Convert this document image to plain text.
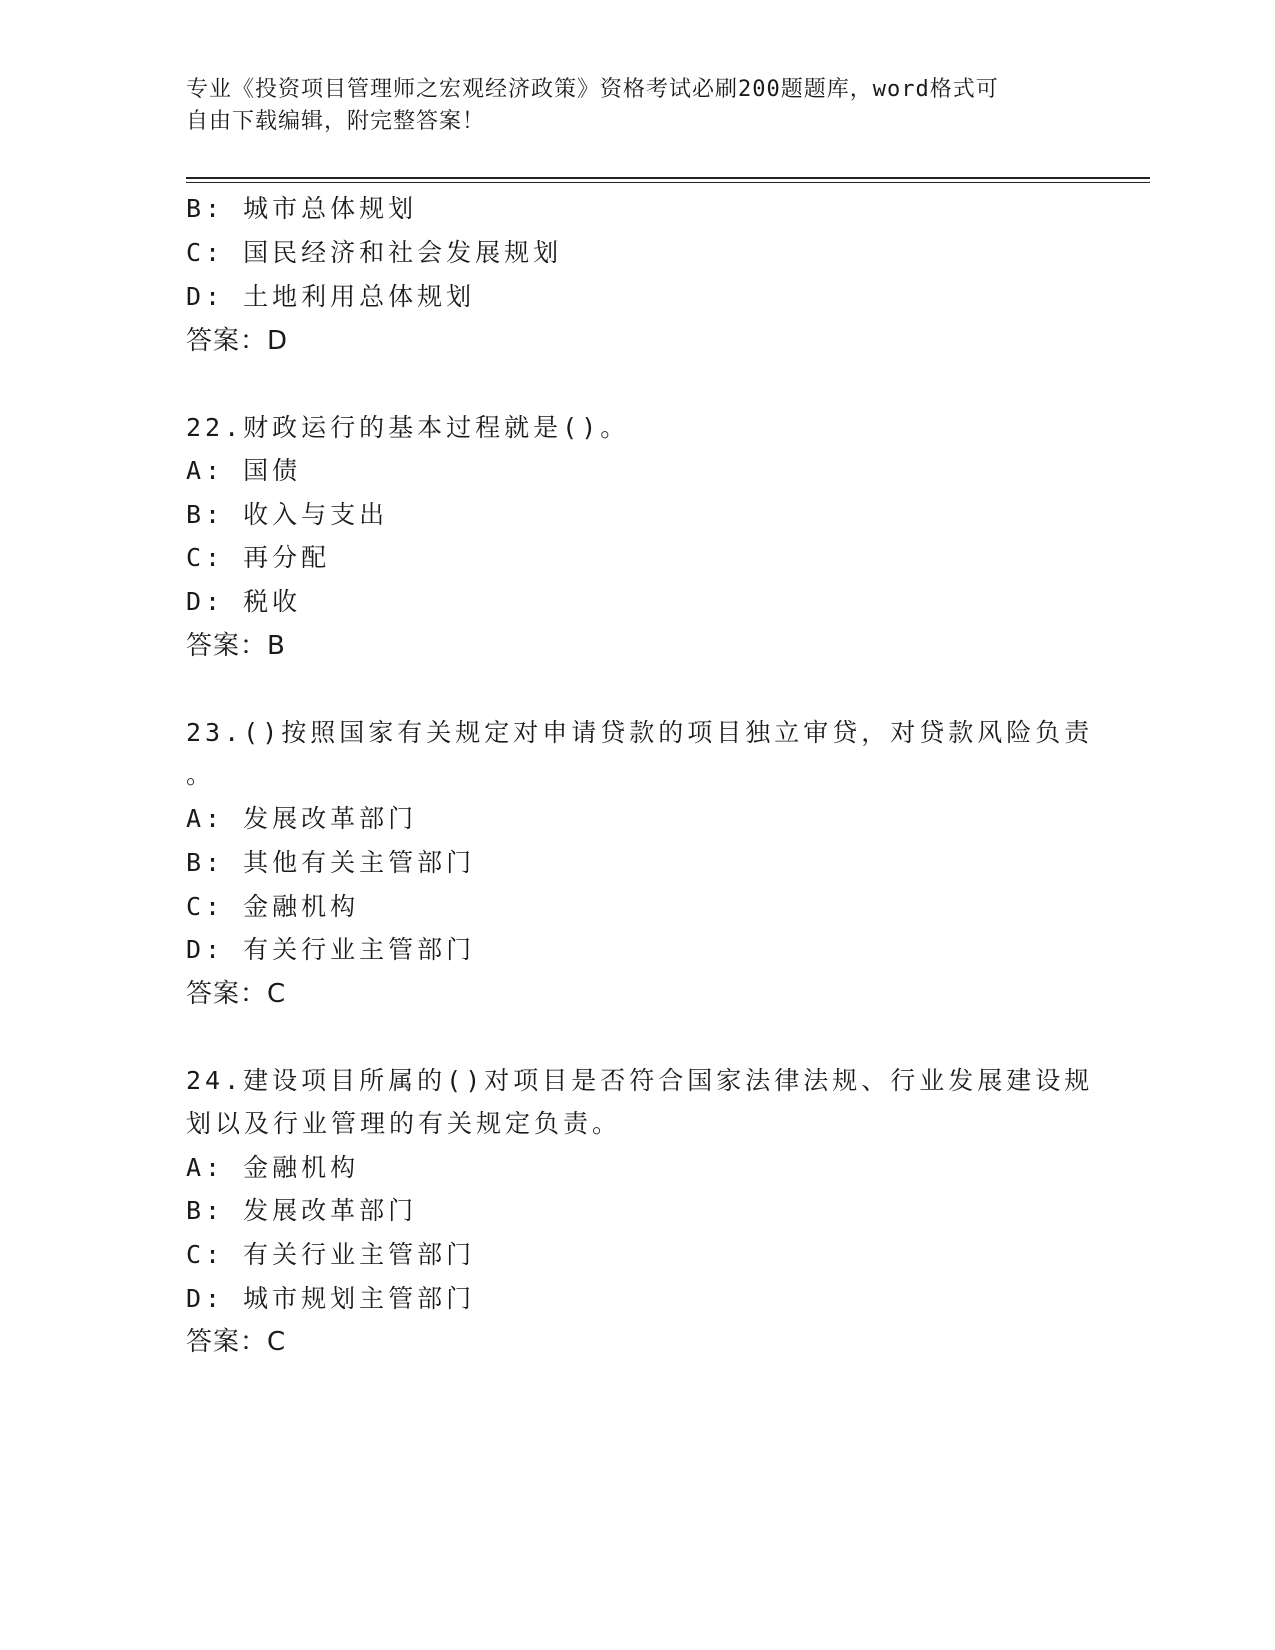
专业《投资项目管理师之宏观经济政策》资格考试必刷200题题库，word格式可
自由下载编辑，附完整答案！
B: 城市总体规划
C: 国民经济和社会发展规划
D: 土地利用总体规划
答案：D
22.财政运行的基本过程就是()。
A: 国债
B: 收入与支出
C: 再分配
D: 税收
答案：B
23.()按照国家有关规定对申请贷款的项目独立审贷，对贷款风险负责
。
A: 发展改革部门
B: 其他有关主管部门
C: 金融机构
D: 有关行业主管部门
答案：C
24.建设项目所属的()对项目是否符合国家法律法规、行业发展建设规
划以及行业管理的有关规定负责。
A: 金融机构
B: 发展改革部门
C: 有关行业主管部门
D: 城市规划主管部门
答案：C
